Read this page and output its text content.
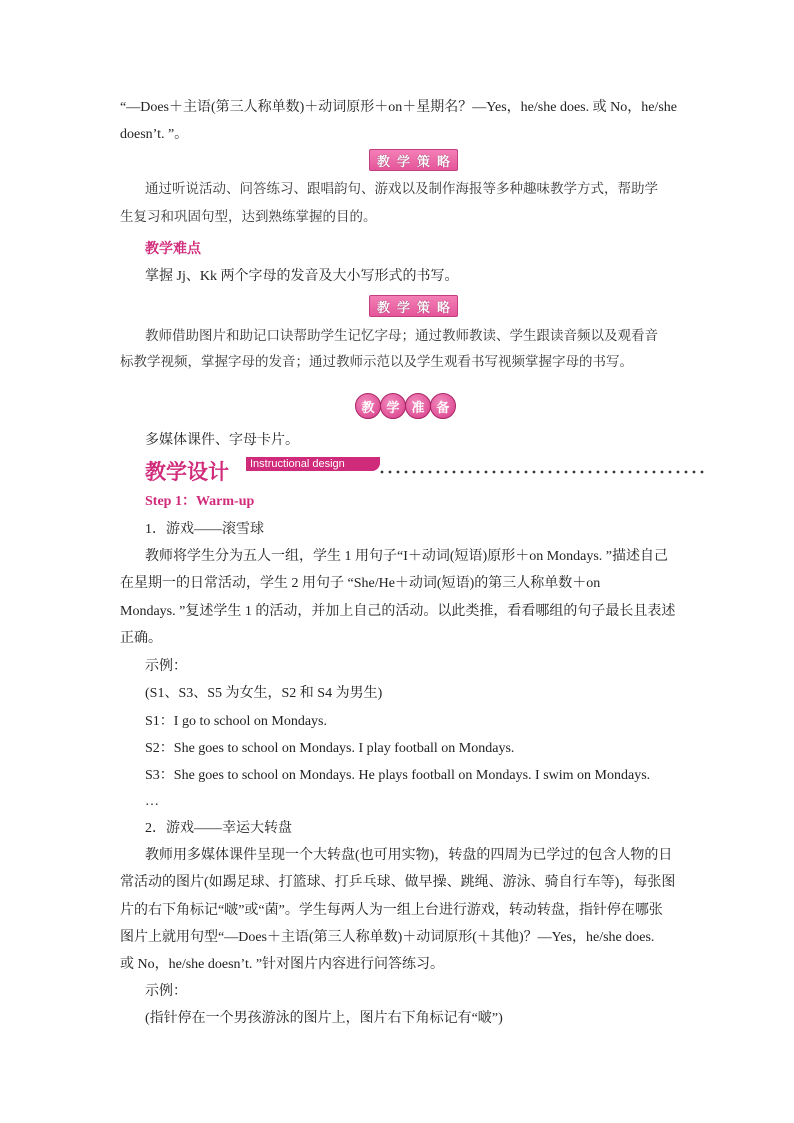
“—Does＋主语(第三人称单数)＋动词原形＋on＋星期名？—Yes，he/she does. 或 No，he/she
doesn’t. ”。
教学策略
通过听说活动、问答练习、跟唱韵句、游戏以及制作海报等多种趣味教学方式，帮助学
生复习和巩固句型，达到熟练掌握的目的。
教学难点
掌握 Jj、Kk 两个字母的发音及大小写形式的书写。
教学策略
教师借助图片和助记口诀帮助学生记忆字母；通过教师教读、学生跟读音频以及观看音
标教学视频，掌握字母的发音；通过教师示范以及学生观看书写视频掌握字母的书写。
教 学 准 备
多媒体课件、字母卡片。
教学设计	Instructional design
Step 1：Warm-up
1．游戏——滚雪球
教师将学生分为五人一组，学生 1 用句子“I＋动词(短语)原形＋on Mondays. ”描述自己
在星期一的日常活动，学生 2 用句子 “She/He＋动词(短语)的第三人称单数＋on
Mondays. ”复述学生 1 的活动，并加上自己的活动。以此类推，看看哪组的句子最长且表述
正确。
示例：
(S1、S3、S5 为女生，S2 和 S4 为男生)
S1：I go to school on Mondays.
S2：She goes to school on Mondays. I play football on Mondays.
S3：She goes to school on Mondays. He plays football on Mondays. I swim on Mondays.
…
2．游戏——幸运大转盘
教师用多媒体课件呈现一个大转盘(也可用实物)，转盘的四周为已学过的包含人物的日
常活动的图片(如踢足球、打篮球、打乒乓球、做早操、跳绳、游泳、骑自行车等)，每张图
片的右下角标记“啵”或“菌”。学生每两人为一组上台进行游戏，转动转盘，指针停在哪张
图片上就用句型“—Does＋主语(第三人称单数)＋动词原形(＋其他)？—Yes，he/she does.
或 No，he/she doesn’t. ”针对图片内容进行问答练习。
示例：
(指针停在一个男孩游泳的图片上，图片右下角标记有“啵”)
